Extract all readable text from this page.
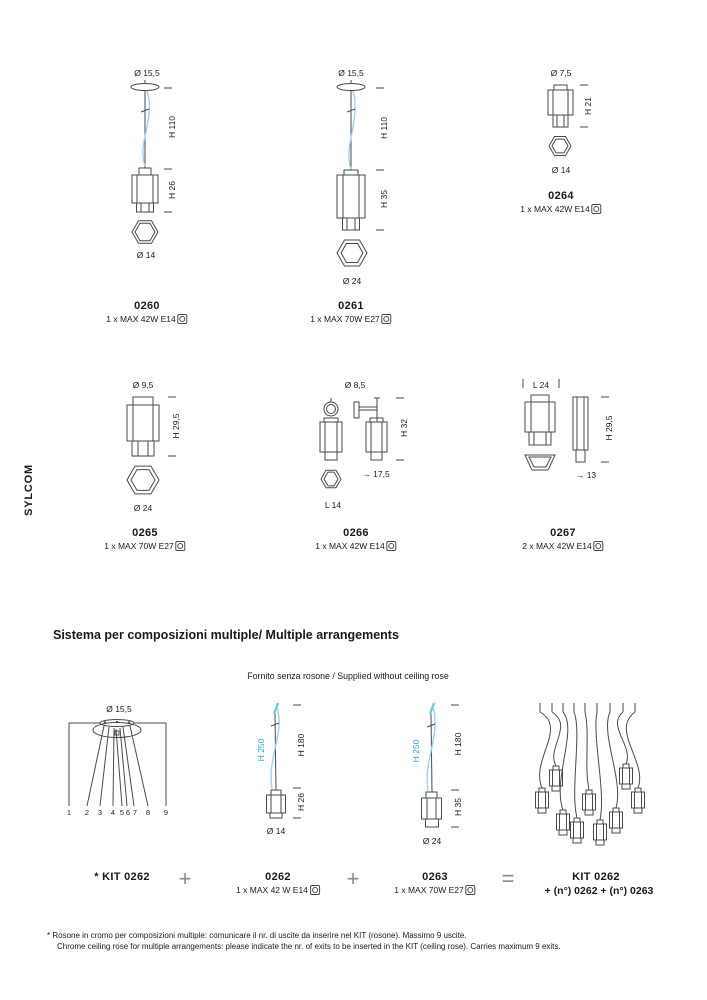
SYLCOM
Ø 15,5
H 110
H 26
Ø 14
0260
1 x MAX 42W E14
Ø 15,5
H 110
H 35
Ø 24
0261
1 x MAX 70W E27
Ø 7,5
H 21
Ø 14
0264
1 x MAX 42W E14
Ø 9,5
H 29,5
Ø 24
0265
1 x MAX 70W E27
Ø 8,5
H 32
→ 17,5
L 14
0266
1 x MAX 42W E14
L 24
H 29,5
→ 13
0267
2 x MAX 42W E14
Sistema per composizioni multiple/ Multiple arrangements
Fornito senza rosone / Supplied without ceiling rose
Ø 15,5
1 2 3 4 5 6 7 8 9
* KIT 0262 +
H 250	H 180
H 26
Ø 14
0262
1 x MAX 42 W E14 +
H 250	H 180
H 35
Ø 24
0263
1 x MAX 70W E27 =	KIT 0262
+ (n°) 0262 + (n°) 0263
* Rosone in cromo per composizioni multiple: comunicare il nr. di uscite da inserire nel KIT (rosone). Massimo 9 uscite.
Chrome ceiling rose for multiple arrangements: please indicate the nr. of exits to be inserted in the KIT (ceiling rose). Carries maximum 9 exits.
